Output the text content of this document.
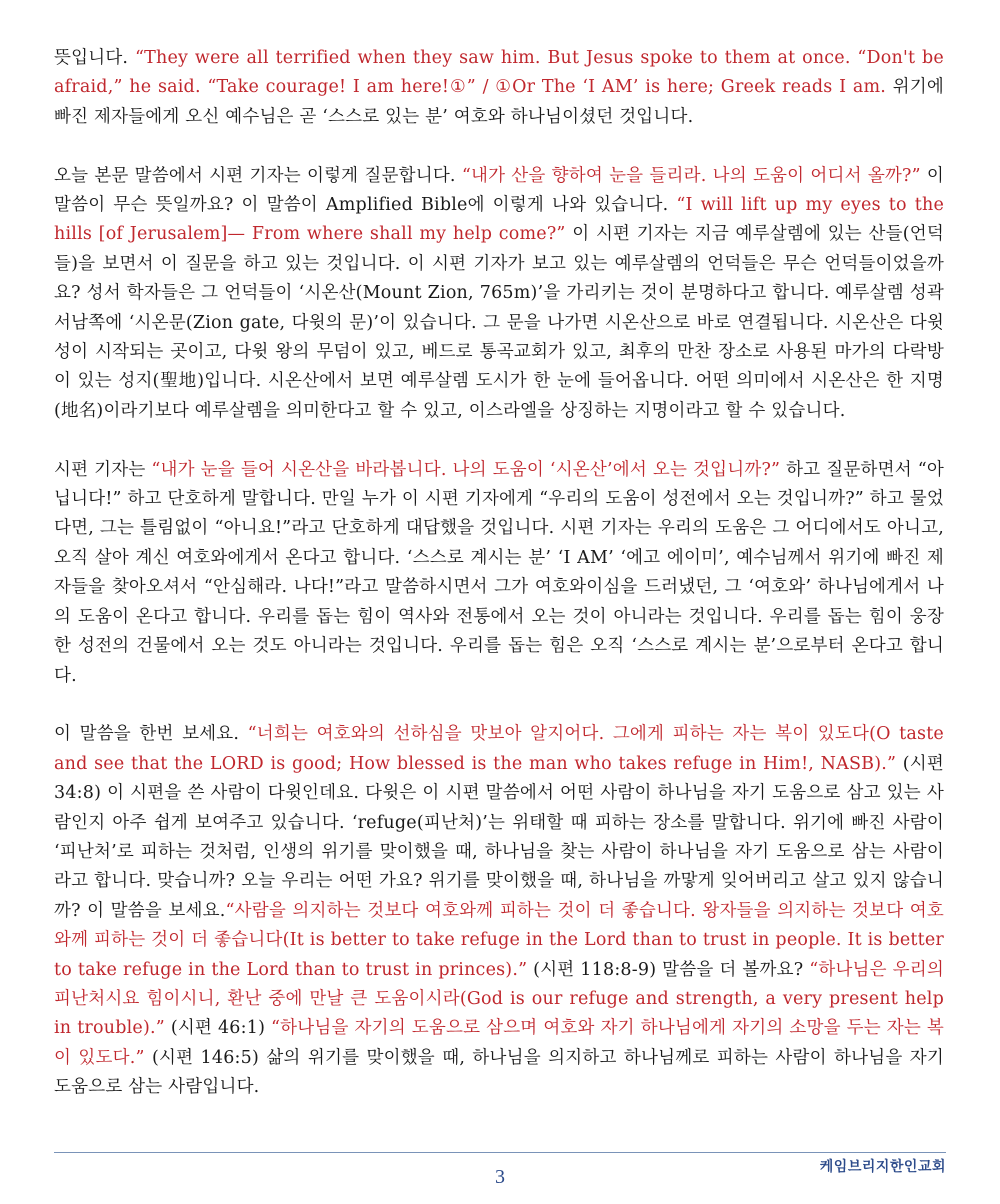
뜻입니다. “They were all terrified when they saw him. But Jesus spoke to them at once. “Don't be afraid,” he said. “Take courage! I am here!①” / ①Or The ‘I AM’ is here; Greek reads I am. 위기에 빠진 제자들에게 오신 예수님은 곧 ‘스스로 있는 분’ 여호와 하나님이셨던 것입니다.

오늘 본문 말씀에서 시편 기자는 이렇게 질문합니다. “내가 산을 향하여 눈을 들리라. 나의 도움이 어디서 올까?” 이 말씀이 무슨 뜻일까요? 이 말씀이 Amplified Bible에 이렇게 나와 있습니다. “I will lift up my eyes to the hills [of Jerusalem]— From where shall my help come?” 이 시편 기자는 지금 예루살렘에 있는 산들(언덕들)을 보면서 이 질문을 하고 있는 것입니다. 이 시편 기자가 보고 있는 예루살렘의 언덕들은 무슨 언덕들이었을까요? 성서 학자들은 그 언덕들이 ‘시온산(Mount Zion, 765m)’을 가리키는 것이 분명하다고 합니다. 예루살렘 성곽 서남쪽에 ‘시온문(Zion gate, 다윗의 문)’이 있습니다. 그 문을 나가면 시온산으로 바로 연결됩니다. 시온산은 다윗 성이 시작되는 곳이고, 다윗 왕의 무덤이 있고, 베드로 통곡교회가 있고, 최후의 만찬 장소로 사용된 마가의 다락방이 있는 성지(聖地)입니다. 시온산에서 보면 예루살렘 도시가 한 눈에 들어옵니다. 어떤 의미에서 시온산은 한 지명(地名)이라기보다 예루살렘을 의미한다고 할 수 있고, 이스라엘을 상징하는 지명이라고 할 수 있습니다.

시편 기자는 “내가 눈을 들어 시온산을 바라봅니다. 나의 도움이 ‘시온산’에서 오는 것입니까?” 하고 질문하면서 “아닙니다!” 하고 단호하게 말합니다. 만일 누가 이 시편 기자에게 “우리의 도움이 성전에서 오는 것입니까?” 하고 물었다면, 그는 틀림없이 “아니요!”라고 단호하게 대답했을 것입니다. 시편 기자는 우리의 도움은 그 어디에서도 아니고, 오직 살아 계신 여호와에게서 온다고 합니다. ‘스스로 계시는 분’ ‘I AM’ ‘에고 에이미’, 예수님께서 위기에 빠진 제자들을 찾아오셔서 “안심해라. 나다!”라고 말씀하시면서 그가 여호와이심을 드러냈던, 그 ‘여호와’ 하나님에게서 나의 도움이 온다고 합니다. 우리를 돕는 힘이 역사와 전통에서 오는 것이 아니라는 것입니다. 우리를 돕는 힘이 웅장한 성전의 건물에서 오는 것도 아니라는 것입니다. 우리를 돕는 힘은 오직 ‘스스로 계시는 분’으로부터 온다고 합니다.

이 말씀을 한번 보세요. “너희는 여호와의 선하심을 맛보아 알지어다. 그에게 피하는 자는 복이 있도다(O taste and see that the LORD is good; How blessed is the man who takes refuge in Him!, NASB).” (시편 34:8) 이 시편을 쓴 사람이 다윗인데요. 다윗은 이 시편 말씀에서 어떤 사람이 하나님을 자기 도움으로 삼고 있는 사람인지 아주 쉽게 보여주고 있습니다. ‘refuge(피난처)’는 위태할 때 피하는 장소를 말합니다. 위기에 빠진 사람이 ‘피난처’로 피하는 것처럼, 인생의 위기를 맞이했을 때, 하나님을 찾는 사람이 하나님을 자기 도움으로 삼는 사람이라고 합니다. 맞습니까? 오늘 우리는 어떤 가요? 위기를 맞이했을 때, 하나님을 까맣게 잊어버리고 살고 있지 않습니까? 이 말씀을 보세요.“사람을 의지하는 것보다 여호와께 피하는 것이 더 좋습니다. 왕자들을 의지하는 것보다 여호와께 피하는 것이 더 좋습니다(It is better to take refuge in the Lord than to trust in people. It is better to take refuge in the Lord than to trust in princes).” (시편 118:8-9) 말씀을 더 볼까요? “하나님은 우리의 피난처시요 힘이시니, 환난 중에 만날 큰 도움이시라(God is our refuge and strength, a very present help in trouble).” (시편 46:1) “하나님을 자기의 도움으로 삼으며 여호와 자기 하나님에게 자기의 소망을 두는 자는 복이 있도다.” (시편 146:5) 삶의 위기를 맞이했을 때, 하나님을 의지하고 하나님께로 피하는 사람이 하나님을 자기 도움으로 삼는 사람입니다.

케임브리지한인교회
3
